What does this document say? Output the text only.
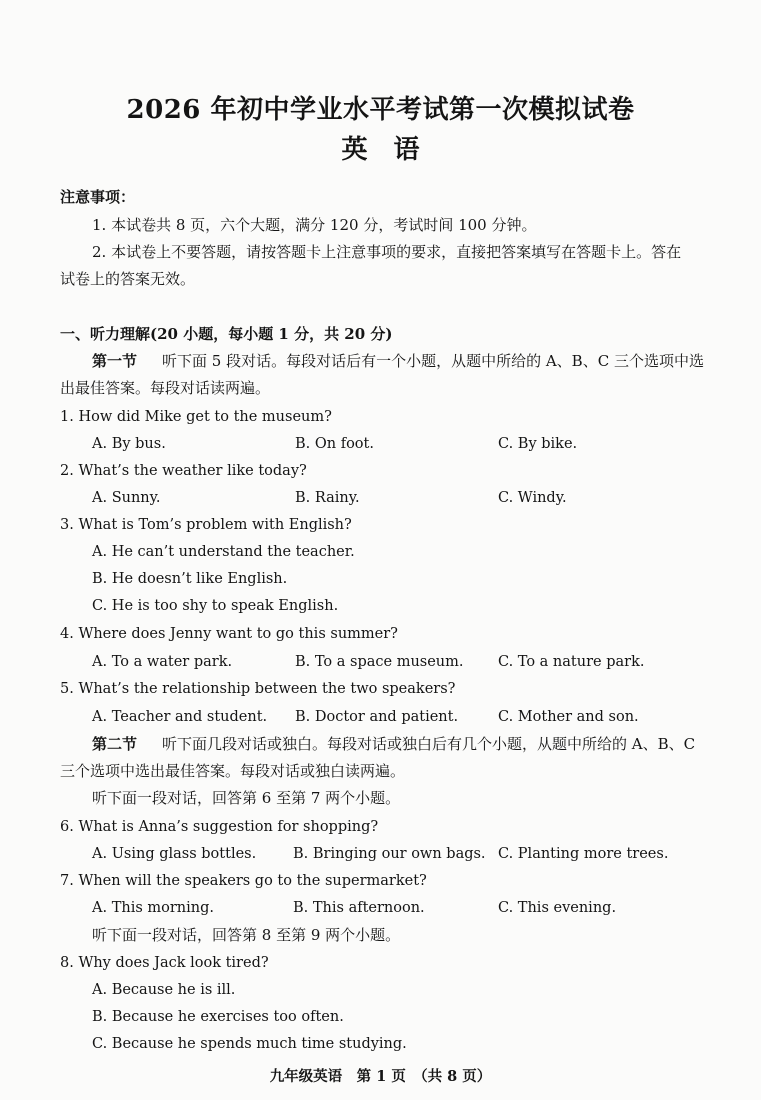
2026 年初中学业水平考试第一次模拟试卷
英　语
注意事项：
1. 本试卷共 8 页，六个大题，满分 120 分，考试时间 100 分钟。
2. 本试卷上不要答题，请按答题卡上注意事项的要求，直接把答案填写在答题卡上。答在
试卷上的答案无效。
一、听力理解(20 小题，每小题 1 分，共 20 分)
第一节 听下面 5 段对话。每段对话后有一个小题，从题中所给的 A、B、C 三个选项中选
出最佳答案。每段对话读两遍。
1. How did Mike get to the museum?
A. By bus.	B. On foot.	C. By bike.
2. What’s the weather like today?
A. Sunny.	B. Rainy.	C. Windy.
3. What is Tom’s problem with English?
A. He can’t understand the teacher.
B. He doesn’t like English.
C. He is too shy to speak English.
4. Where does Jenny want to go this summer?
A. To a water park.	B. To a space museum. C. To a nature park.
5. What’s the relationship between the two speakers?
A. Teacher and student. B. Doctor and patient.	C. Mother and son.
第二节 听下面几段对话或独白。每段对话或独白后有几个小题，从题中所给的 A、B、C
三个选项中选出最佳答案。每段对话或独白读两遍。
听下面一段对话，回答第 6 至第 7 两个小题。
6. What is Anna’s suggestion for shopping?
A. Using glass bottles.	B. Bringing our own bags. C. Planting more trees.
7. When will the speakers go to the supermarket?
A. This morning.	B. This afternoon.	C. This evening.
听下面一段对话，回答第 8 至第 9 两个小题。
8. Why does Jack look tired?
A. Because he is ill.
B. Because he exercises too often.
C. Because he spends much time studying.
九年级英语　第 1 页　（共 8 页）
